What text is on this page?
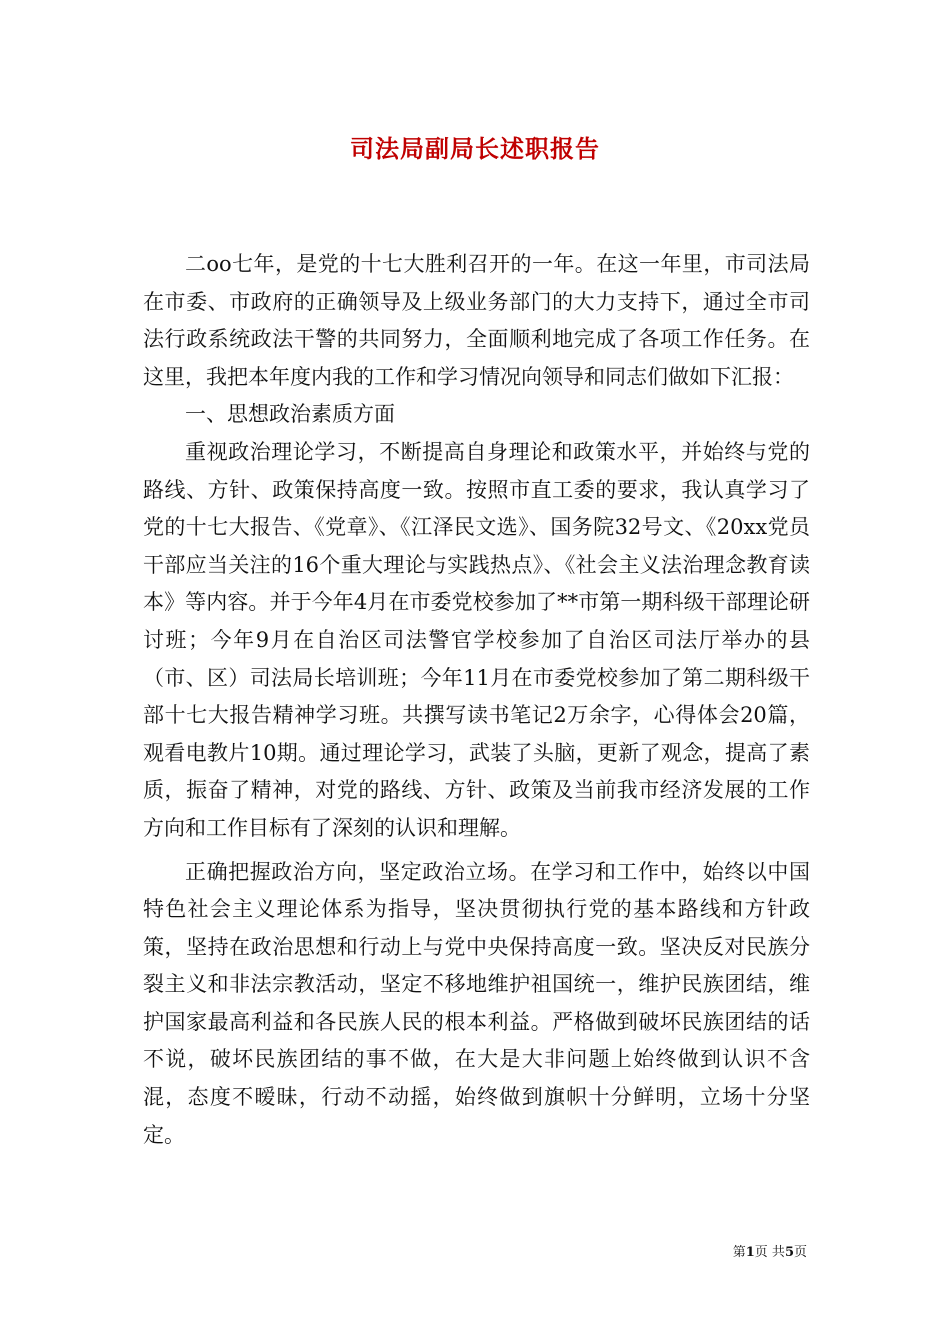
司法局副局长述职报告

二oo七年，是党的十七大胜利召开的一年。在这一年里，市司法局在市委、市政府的正确领导及上级业务部门的大力支持下，通过全市司法行政系统政法干警的共同努力，全面顺利地完成了各项工作任务。在这里，我把本年度内我的工作和学习情况向领导和同志们做如下汇报：

一、思想政治素质方面

重视政治理论学习，不断提高自身理论和政策水平，并始终与党的路线、方针、政策保持高度一致。按照市直工委的要求，我认真学习了党的十七大报告、《党章》、《江泽民文选》、国务院32号文、《20xx党员干部应当关注的16个重大理论与实践热点》、《社会主义法治理念教育读本》等内容。并于今年4月在市委党校参加了**市第一期科级干部理论研讨班；今年9月在自治区司法警官学校参加了自治区司法厅举办的县（市、区）司法局长培训班；今年11月在市委党校参加了第二期科级干部十七大报告精神学习班。共撰写读书笔记2万余字，心得体会20篇，观看电教片10期。通过理论学习，武装了头脑，更新了观念，提高了素质，振奋了精神，对党的路线、方针、政策及当前我市经济发展的工作方向和工作目标有了深刻的认识和理解。

正确把握政治方向，坚定政治立场。在学习和工作中，始终以中国特色社会主义理论体系为指导，坚决贯彻执行党的基本路线和方针政策，坚持在政治思想和行动上与党中央保持高度一致。坚决反对民族分裂主义和非法宗教活动，坚定不移地维护祖国统一，维护民族团结，维护国家最高利益和各民族人民的根本利益。严格做到破坏民族团结的话不说，破坏民族团结的事不做，在大是大非问题上始终做到认识不含混，态度不暧昧，行动不动摇，始终做到旗帜十分鲜明，立场十分坚定。

第1页 共5页
